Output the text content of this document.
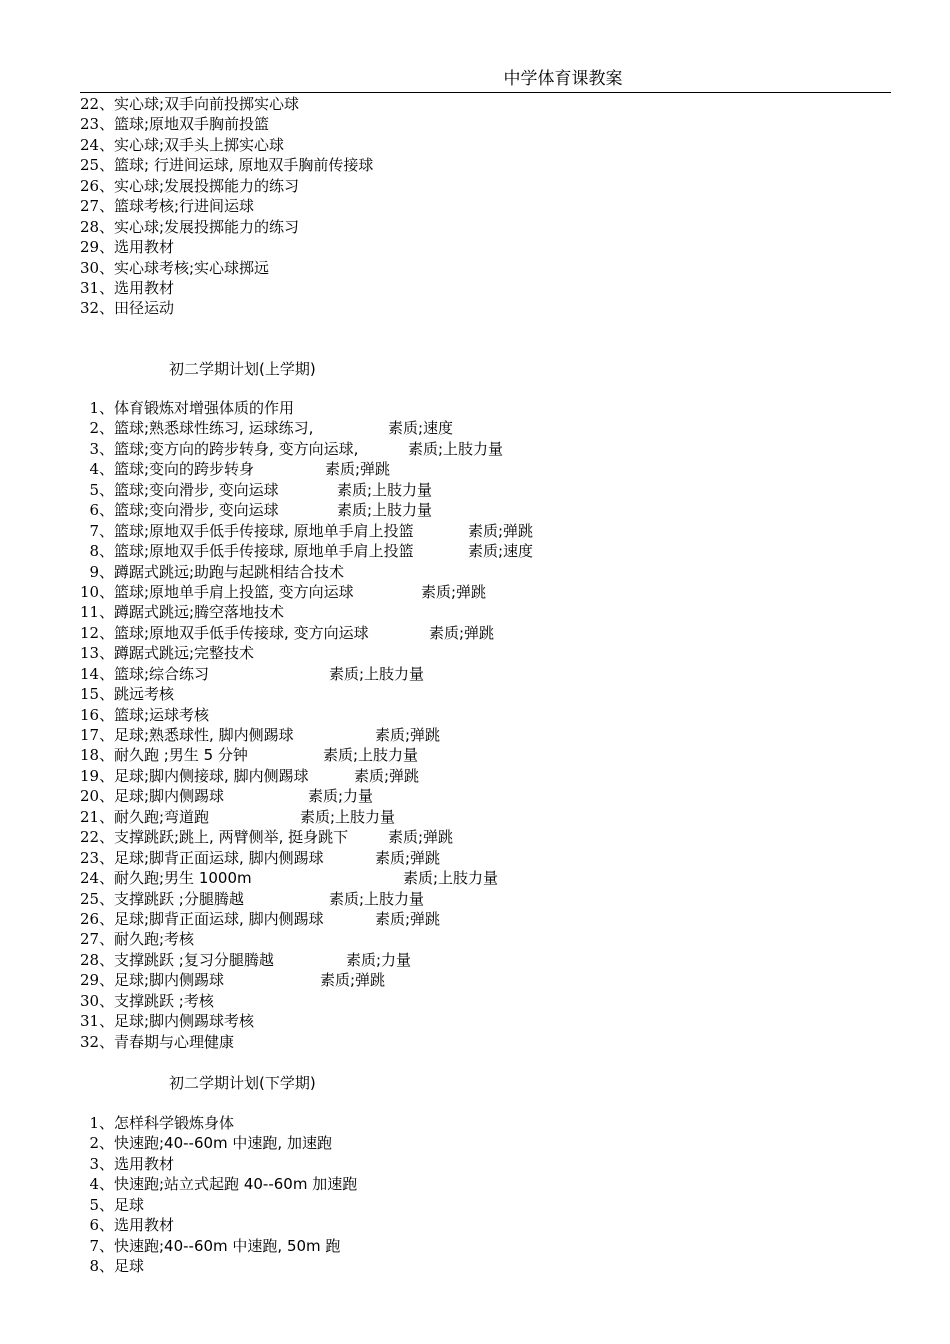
中学体育课教案
22、实心球;双手向前投掷实心球
23、篮球;原地双手胸前投篮
24、实心球;双手头上掷实心球
25、篮球; 行进间运球, 原地双手胸前传接球
26、实心球;发展投掷能力的练习
27、篮球考核;行进间运球
28、实心球;发展投掷能力的练习
29、选用教材
30、实心球考核;实心球掷远
31、选用教材
32、田径运动
初二学期计划(上学期)
1、体育锻炼对增强体质的作用
2、篮球;熟悉球性练习, 运球练习,	素质;速度
3、篮球;变方向的跨步转身, 变方向运球,	素质;上肢力量
4、篮球;变向的跨步转身	素质;弹跳
5、篮球;变向滑步, 变向运球	素质;上肢力量
6、篮球;变向滑步, 变向运球	素质;上肢力量
7、篮球;原地双手低手传接球, 原地单手肩上投篮	素质;弹跳
8、篮球;原地双手低手传接球, 原地单手肩上投篮	素质;速度
9、蹲踞式跳远;助跑与起跳相结合技术
10、篮球;原地单手肩上投篮, 变方向运球	素质;弹跳
11、蹲踞式跳远;腾空落地技术
12、篮球;原地双手低手传接球, 变方向运球	素质;弹跳
13、蹲踞式跳远;完整技术
14、篮球;综合练习	素质;上肢力量
15、跳远考核
16、篮球;运球考核
17、足球;熟悉球性, 脚内侧踢球	素质;弹跳
18、耐久跑 ;男生 5 分钟	素质;上肢力量
19、足球;脚内侧接球, 脚内侧踢球	素质;弹跳
20、足球;脚内侧踢球	素质;力量
21、耐久跑;弯道跑	素质;上肢力量
22、支撑跳跃;跳上, 两臂侧举, 挺身跳下	素质;弹跳
23、足球;脚背正面运球, 脚内侧踢球	素质;弹跳
24、耐久跑;男生 1000m	素质;上肢力量
25、支撑跳跃 ;分腿腾越	素质;上肢力量
26、足球;脚背正面运球, 脚内侧踢球	素质;弹跳
27、耐久跑;考核
28、支撑跳跃 ;复习分腿腾越	素质;力量
29、足球;脚内侧踢球	素质;弹跳
30、支撑跳跃 ;考核
31、足球;脚内侧踢球考核
32、青春期与心理健康
初二学期计划(下学期)
1、怎样科学锻炼身体
2、快速跑;40--60m 中速跑, 加速跑
3、选用教材
4、快速跑;站立式起跑 40--60m 加速跑
5、足球
6、选用教材
7、快速跑;40--60m 中速跑, 50m 跑
8、足球
